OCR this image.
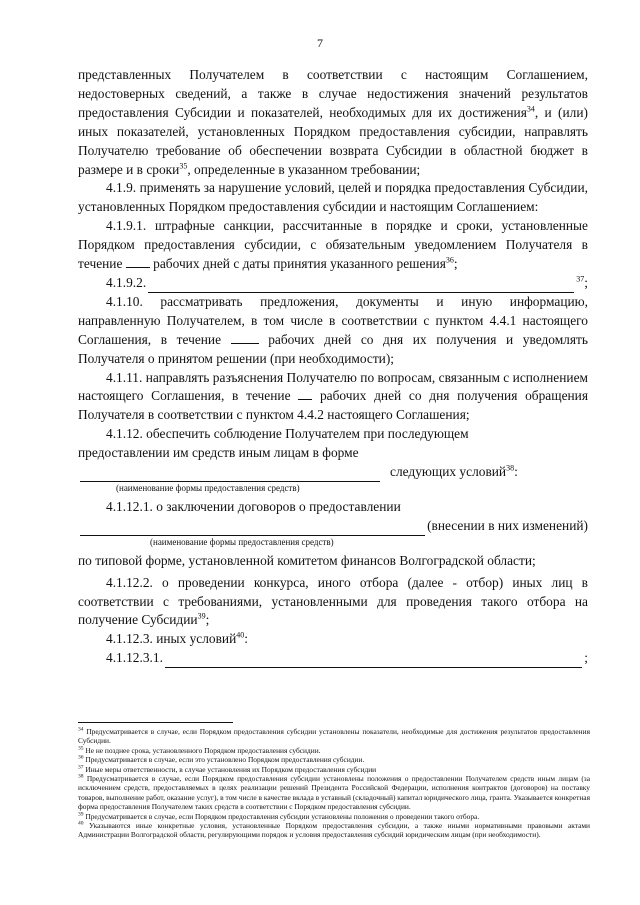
7

представленных Получателем в соответствии с настоящим Соглашением, недостоверных сведений, а также в случае недостижения значений результатов предоставления Субсидии и показателей, необходимых для их достижения$^{34}$, и (или) иных показателей, установленных Порядком предоставления субсидии, направлять Получателю требование об обеспечении возврата Субсидии в областной бюджет в размере и в сроки$^{35}$, определенные в указанном требовании;

4.1.9. применять за нарушение условий, целей и порядка предоставления Субсидии, установленных Порядком предоставления субсидии и настоящим Соглашением:

4.1.9.1. штрафные санкции, рассчитанные в порядке и сроки, установленные Порядком предоставления субсидии, с обязательным уведомлением Получателя в течение рабочих дней с даты принятия указанного решения$^{36}$;

4.1.9.2.	$^{37}$;

4.1.10. рассматривать предложения, документы и иную информацию, направленную Получателем, в том числе в соответствии с пунктом 4.4.1 настоящего Соглашения, в течение	рабочих дней со дня их получения и уведомлять Получателя о принятом решении (при необходимости);

4.1.11. направлять разъяснения Получателю по вопросам, связанным с исполнением настоящего Соглашения, в течение рабочих дней со дня получения обращения Получателя в соответствии с пунктом 4.4.2 настоящего Соглашения;

4.1.12. обеспечить соблюдение Получателем при последующем

предоставлении им средств иным лицам в форме

следующих условий$^{38}$:
(наименование формы предоставления средств)

4.1.12.1. о заключении договоров о предоставлении

(внесении в них изменений)
(наименование формы предоставления средств)

по типовой форме, установленной комитетом финансов Волгоградской области;

4.1.12.2. о проведении конкурса, иного отбора (далее - отбор) иных лиц в соответствии с требованиями, установленными для проведения такого отбора на получение Субсидии$^{39}$;

4.1.12.3. иных условий$^{40}$:

4.1.12.3.1.	;

$^{34}$ Предусматривается в случае, если Порядком предоставления субсидии установлены показатели, необходимые для достижения результатов предоставления Субсидии.

$^{35}$ Не не позднее срока, установленного Порядком предоставления субсидии.

$^{36}$ Предусматривается в случае, если это установлено Порядком предоставления субсидии.

$^{37}$ Иные меры ответственности, в случае установления их Порядком предоставления субсидии

$^{38}$ Предусматривается в случае, если Порядком предоставления субсидии установлены положения о предоставлении Получателем средств иным лицам (за исключением средств, предоставляемых в целях реализации решений Президента Российской Федерации, исполнения контрактов (договоров) на поставку товаров, выполнение работ, оказание услуг), в том числе в качестве вклада в уставный (складочный) капитал юридического лица, гранта. Указывается конкретная форма предоставления Получателем таких средств в соответствии с Порядком предоставления субсидии.

$^{39}$ Предусматривается в случае, если Порядком предоставления субсидии установлены положения о проведении такого отбора.

$^{40}$ Указываются иные конкретные условия, установленные Порядком предоставления субсидии, а также иными нормативными правовыми актами Администрации Волгоградской области, регулирующими порядок и условия предоставления субсидий юридическим лицам (при необходимости).
